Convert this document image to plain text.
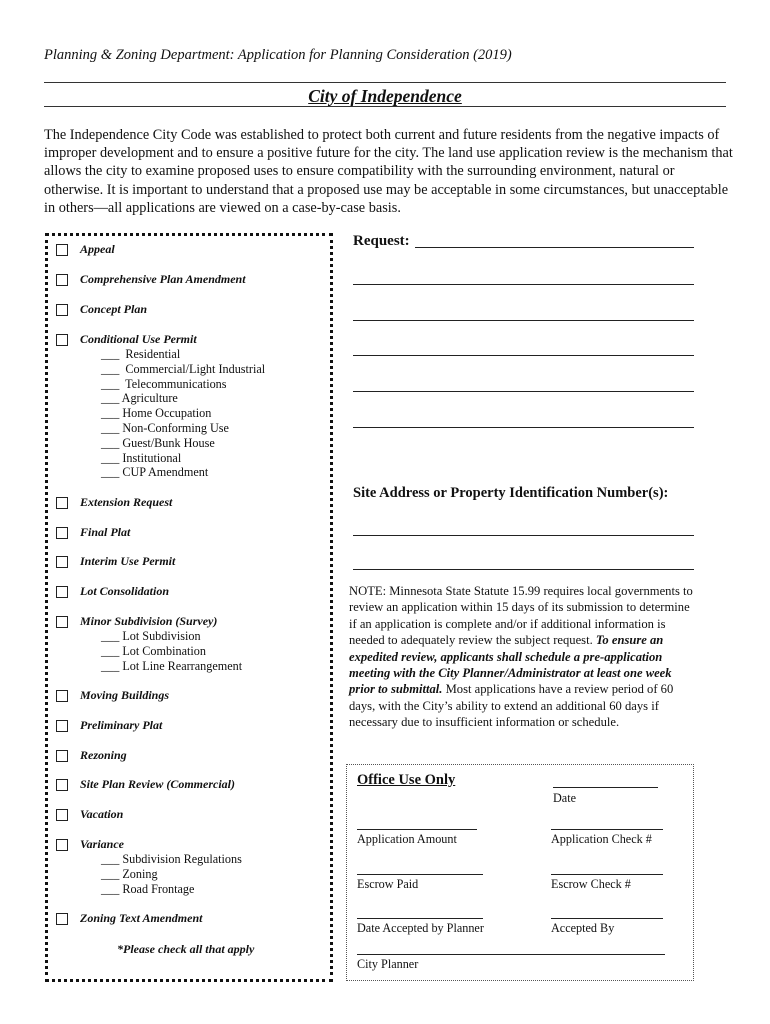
Planning & Zoning Department: Application for Planning Consideration (2019)
City of Independence
The Independence City Code was established to protect both current and future residents from the negative impacts of improper development and to ensure a positive future for the city. The land use application review is the mechanism that allows the city to examine proposed uses to ensure compatibility with the surrounding environment, natural or otherwise. It is important to understand that a proposed use may be acceptable in some circumstances, but unacceptable in others—all applications are viewed on a case-by-case basis.
Appeal
Comprehensive Plan Amendment
Concept Plan
Conditional Use Permit
___  Residential
___  Commercial/Light Industrial
___  Telecommunications
___ Agriculture
___ Home Occupation
___ Non-Conforming Use
___ Guest/Bunk House
___ Institutional
___ CUP Amendment
Extension Request
Final Plat
Interim Use Permit
Lot Consolidation
Minor Subdivision (Survey)
___ Lot Subdivision
___ Lot Combination
___ Lot Line Rearrangement
Moving Buildings
Preliminary Plat
Rezoning
Site Plan Review (Commercial)
Vacation
Variance
___ Subdivision Regulations
___ Zoning
___ Road Frontage
Zoning Text Amendment
*Please check all that apply
Request:
Site Address or Property Identification Number(s):
NOTE: Minnesota State Statute 15.99 requires local governments to review an application within 15 days of its submission to determine if an application is complete and/or if additional information is needed to adequately review the subject request. To ensure an expedited review, applicants shall schedule a pre-application meeting with the City Planner/Administrator at least one week prior to submittal. Most applications have a review period of 60 days, with the City’s ability to extend an additional 60 days if necessary due to insufficient information or schedule.
Office Use Only
Date
Application Amount	Application Check #
Escrow Paid	Escrow Check #
Date Accepted by Planner	Accepted By
City Planner
